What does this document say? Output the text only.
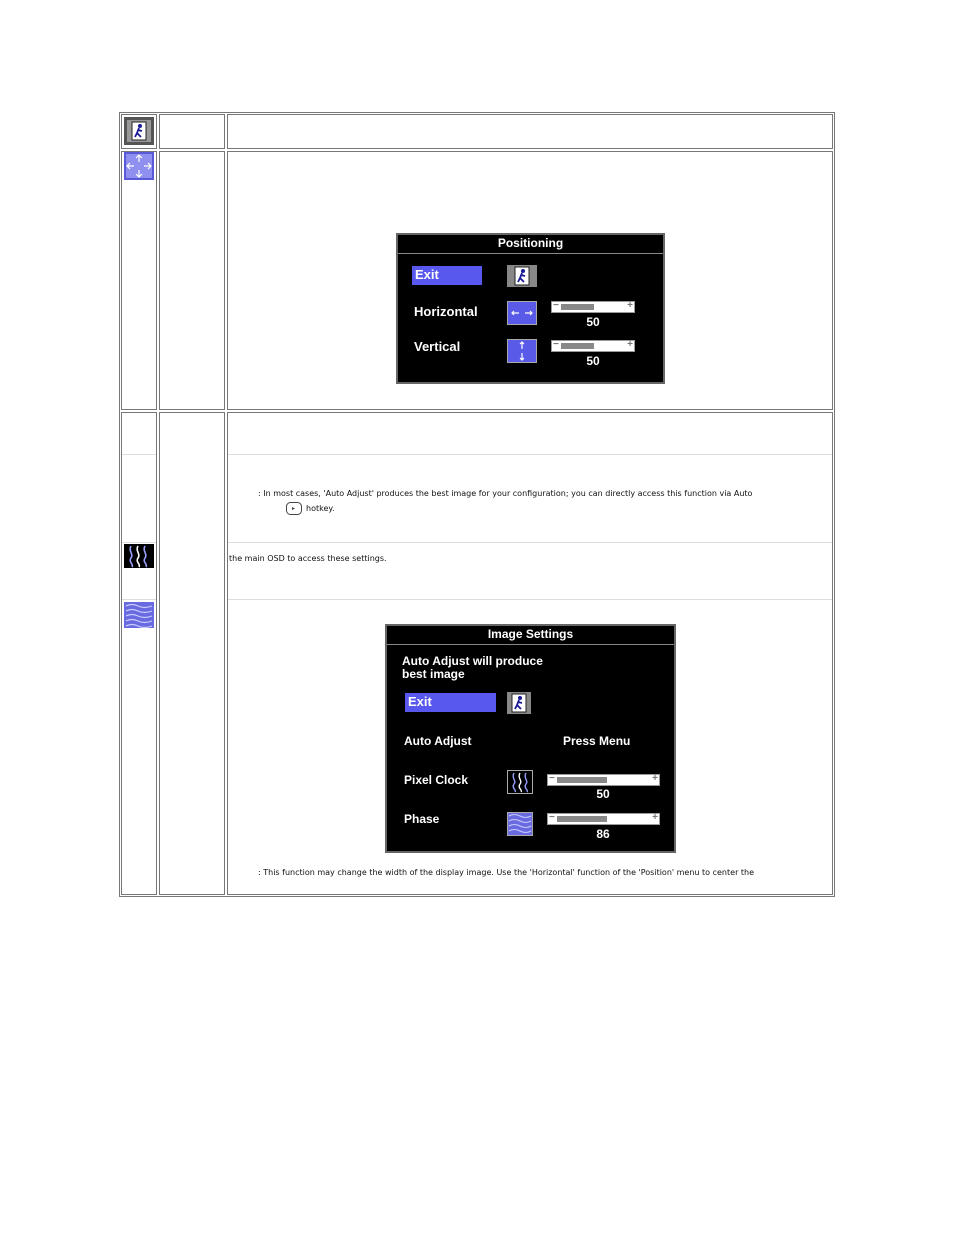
Positioning
Exit
Horizontal	−	+
50
Vertical	−	+
50
: In most cases, 'Auto Adjust' produces the best image for your configuration; you can directly access this function via Auto
hotkey.
the main OSD to access these settings.
Image Settings
Auto Adjust will produce
best image
Exit
Auto Adjust	Press Menu
Pixel Clock	−	+
50
Phase	−	+
86
: This function may change the width of the display image. Use the 'Horizontal' function of the 'Position' menu to center the
